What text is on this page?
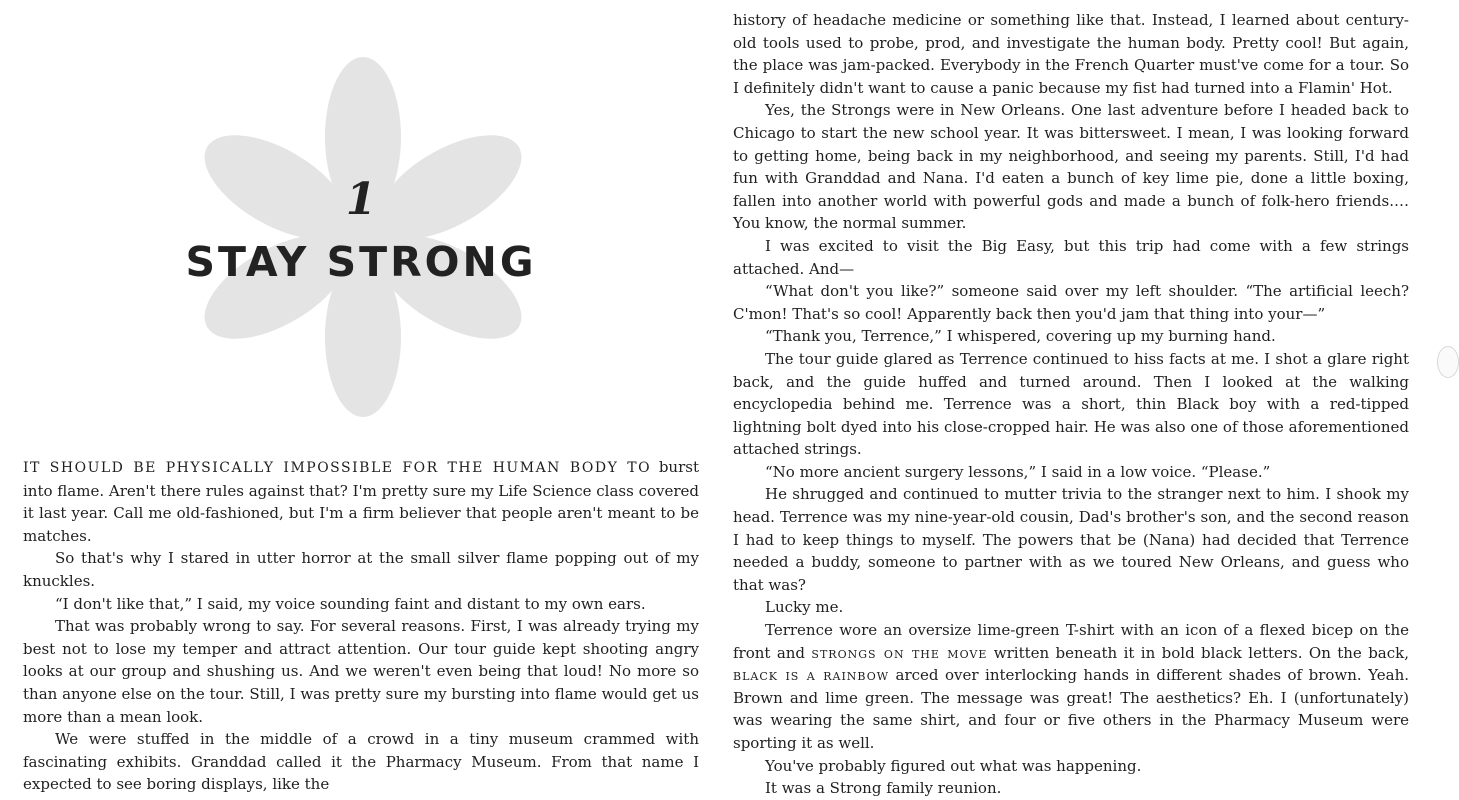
1
STAY STRONG

IT SHOULD BE PHYSICALLY IMPOSSIBLE FOR THE HUMAN BODY TO burst into flame. Aren't there rules against that? I'm pretty sure my Life Science class covered it last year. Call me old-fashioned, but I'm a firm believer that people aren't meant to be matches.

So that's why I stared in utter horror at the small silver flame popping out of my knuckles.

“I don't like that,” I said, my voice sounding faint and distant to my own ears.

That was probably wrong to say. For several reasons. First, I was already trying my best not to lose my temper and attract attention. Our tour guide kept shooting angry looks at our group and shushing us. And we weren't even being that loud! No more so than anyone else on the tour. Still, I was pretty sure my bursting into flame would get us more than a mean look.

We were stuffed in the middle of a crowd in a tiny museum crammed with fascinating exhibits. Granddad called it the Pharmacy Museum. From that name I expected to see boring displays, like the

history of headache medicine or something like that. Instead, I learned about century-old tools used to probe, prod, and investigate the human body. Pretty cool! But again, the place was jam-packed. Everybody in the French Quarter must've come for a tour. So I definitely didn't want to cause a panic because my fist had turned into a Flamin' Hot.

Yes, the Strongs were in New Orleans. One last adventure before I headed back to Chicago to start the new school year. It was bittersweet. I mean, I was looking forward to getting home, being back in my neighborhood, and seeing my parents. Still, I'd had fun with Granddad and Nana. I'd eaten a bunch of key lime pie, done a little boxing, fallen into another world with powerful gods and made a bunch of folk-hero friends.… You know, the normal summer.

I was excited to visit the Big Easy, but this trip had come with a few strings attached. And—

“What don't you like?” someone said over my left shoulder. “The artificial leech? C'mon! That's so cool! Apparently back then you'd jam that thing into your—”

“Thank you, Terrence,” I whispered, covering up my burning hand.

The tour guide glared as Terrence continued to hiss facts at me. I shot a glare right back, and the guide huffed and turned around. Then I looked at the walking encyclopedia behind me. Terrence was a short, thin Black boy with a red-tipped lightning bolt dyed into his close-cropped hair. He was also one of those aforementioned attached strings.

“No more ancient surgery lessons,” I said in a low voice. “Please.”

He shrugged and continued to mutter trivia to the stranger next to him. I shook my head. Terrence was my nine-year-old cousin, Dad's brother's son, and the second reason I had to keep things to myself. The powers that be (Nana) had decided that Terrence needed a buddy, someone to partner with as we toured New Orleans, and guess who that was?

Lucky me.

Terrence wore an oversize lime-green T-shirt with an icon of a flexed bicep on the front and strongs on the move written beneath it in bold black letters. On the back, black is a rainbow arced over interlocking hands in different shades of brown. Yeah. Brown and lime green. The message was great! The aesthetics? Eh. I (unfortunately) was wearing the same shirt, and four or five others in the Pharmacy Museum were sporting it as well.

You've probably figured out what was happening.

It was a Strong family reunion.
